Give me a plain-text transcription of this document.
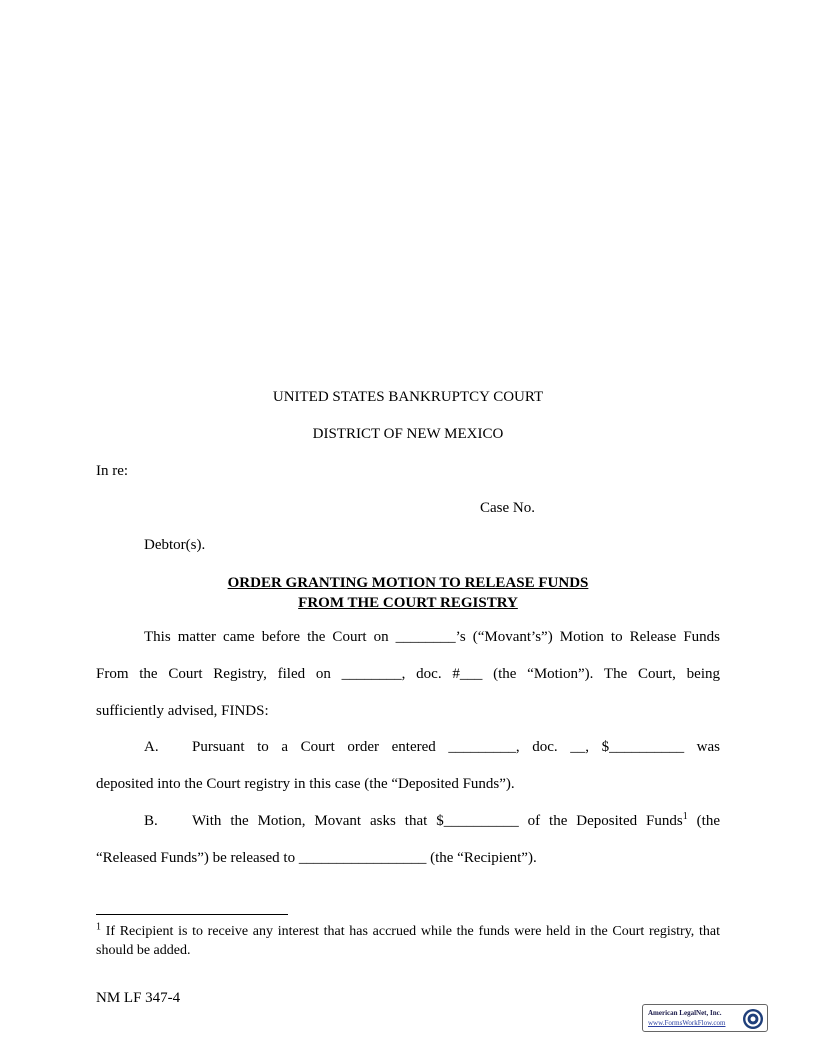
UNITED STATES BANKRUPTCY COURT
DISTRICT OF NEW MEXICO
In re:
Case No.
Debtor(s).
ORDER GRANTING MOTION TO RELEASE FUNDS
FROM THE COURT REGISTRY
This matter came before the Court on ________’s (“Movant’s”) Motion to Release Funds
From the Court Registry, filed on ________, doc. #___ (the “Motion”). The Court, being
sufficiently advised, FINDS:
A. Pursuant to a Court order entered _________, doc. __, $__________ was
deposited into the Court registry in this case (the “Deposited Funds”).
B. With the Motion, Movant asks that $__________ of the Deposited Funds$^1$ (the
“Released Funds”) be released to _________________ (the “Recipient”).
$^1$ If Recipient is to receive any interest that has accrued while the funds were held in the Court registry, that should be added.
NM LF 347-4
American LegalNet, Inc.
www.FormsWorkFlow.com
